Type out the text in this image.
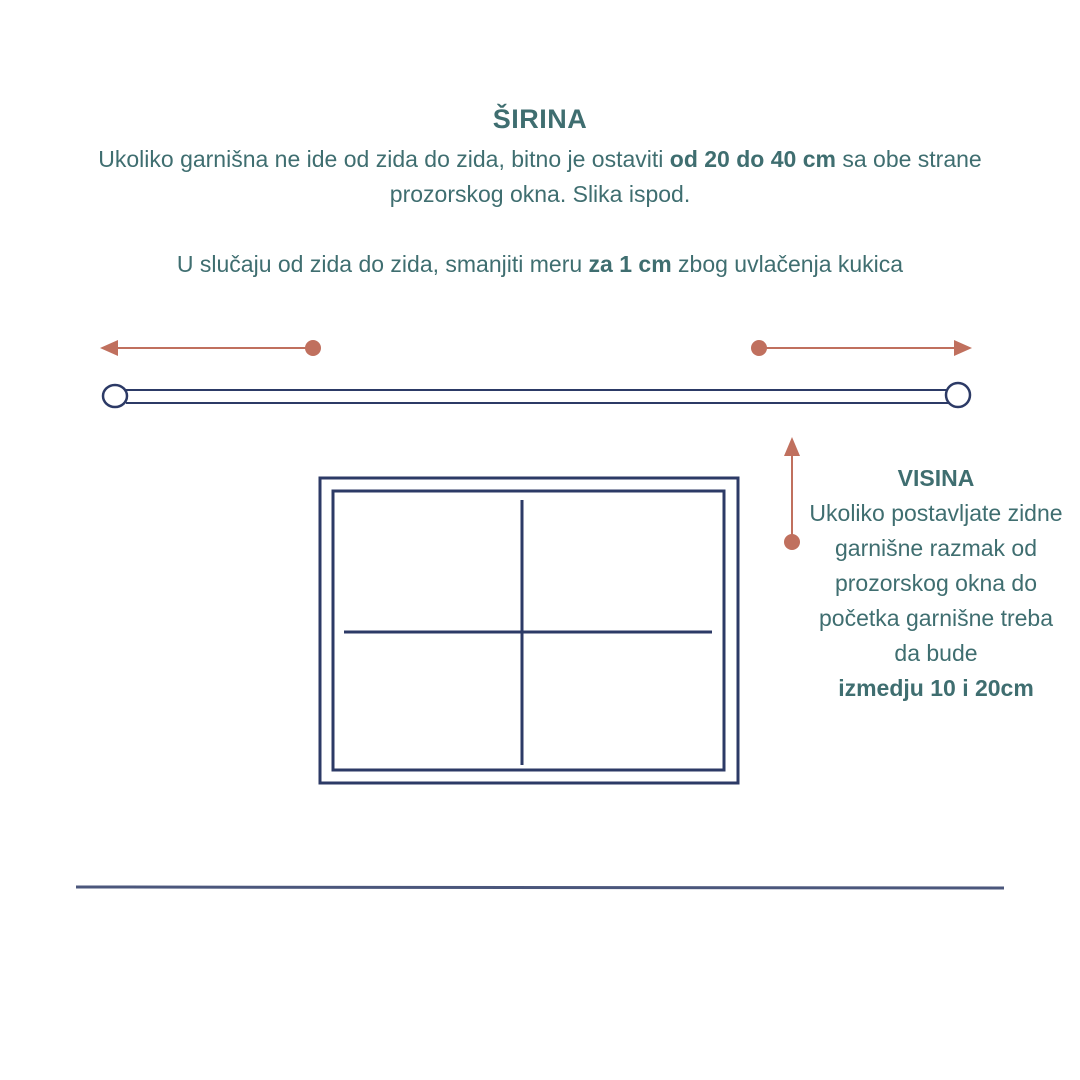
ŠIRINA
Ukoliko garnišna ne ide od zida do zida, bitno je ostaviti od 20 do 40 cm sa obe strane prozorskog okna. Slika ispod.
U slučaju od zida do zida, smanjiti meru za 1 cm zbog uvlačenja kukica
VISINA
Ukoliko postavljate zidne garnišne razmak od prozorskog okna do početka garnišne treba da bude
izmedju 10 i 20cm
